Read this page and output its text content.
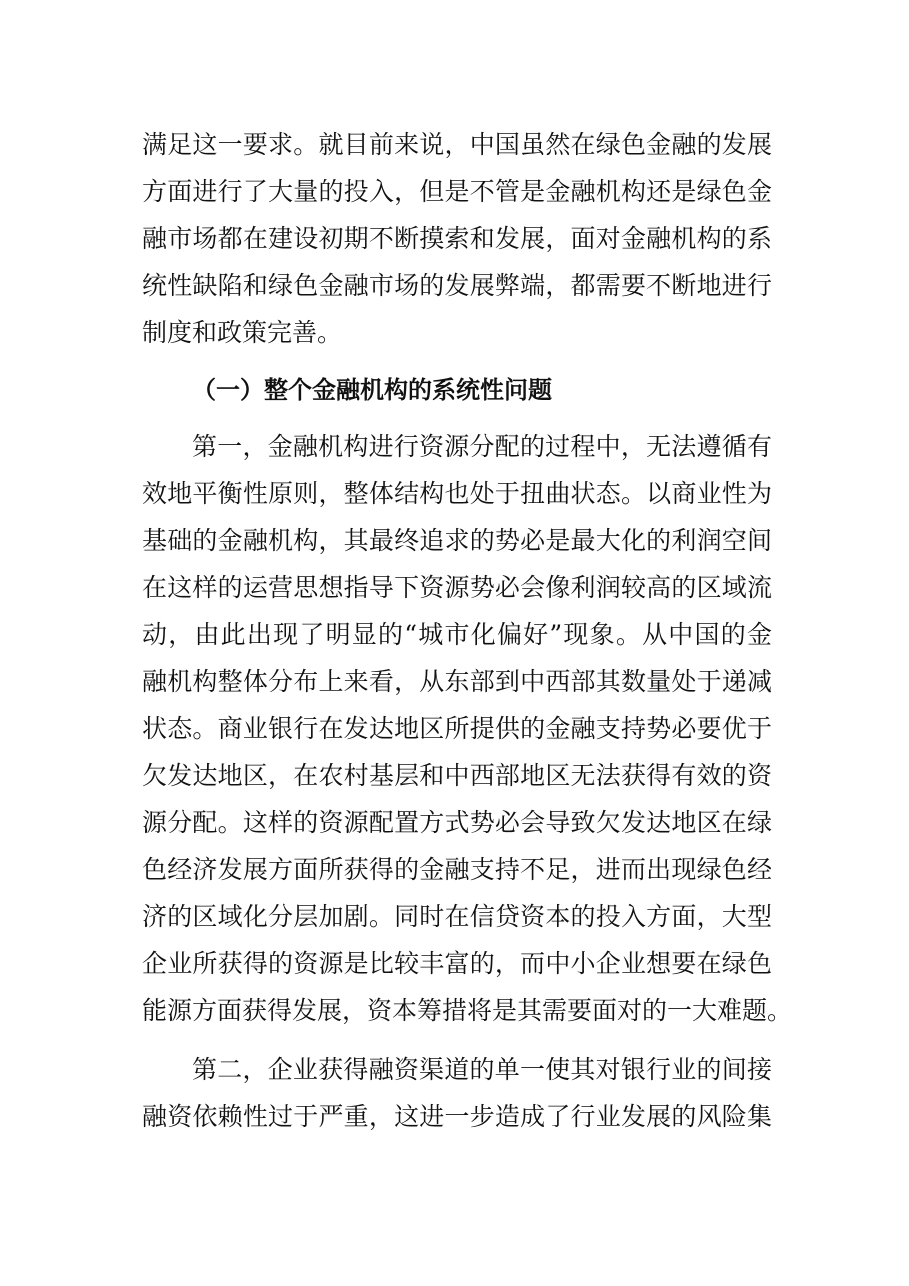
满足这一要求。就目前来说，中国虽然在绿色金融的发展
方面进行了大量的投入，但是不管是金融机构还是绿色金
融市场都在建设初期不断摸索和发展，面对金融机构的系
统性缺陷和绿色金融市场的发展弊端，都需要不断地进行
制度和政策完善。
（一）整个金融机构的系统性问题
第一，金融机构进行资源分配的过程中，无法遵循有
效地平衡性原则，整体结构也处于扭曲状态。以商业性为
基础的金融机构，其最终追求的势必是最大化的利润空间
在这样的运营思想指导下资源势必会像利润较高的区域流
动，由此出现了明显的“城市化偏好”现象。从中国的金
融机构整体分布上来看，从东部到中西部其数量处于递减
状态。商业银行在发达地区所提供的金融支持势必要优于
欠发达地区，在农村基层和中西部地区无法获得有效的资
源分配。这样的资源配置方式势必会导致欠发达地区在绿
色经济发展方面所获得的金融支持不足，进而出现绿色经
济的区域化分层加剧。同时在信贷资本的投入方面，大型
企业所获得的资源是比较丰富的，而中小企业想要在绿色
能源方面获得发展，资本筹措将是其需要面对的一大难题。
第二，企业获得融资渠道的单一使其对银行业的间接
融资依赖性过于严重，这进一步造成了行业发展的风险集
